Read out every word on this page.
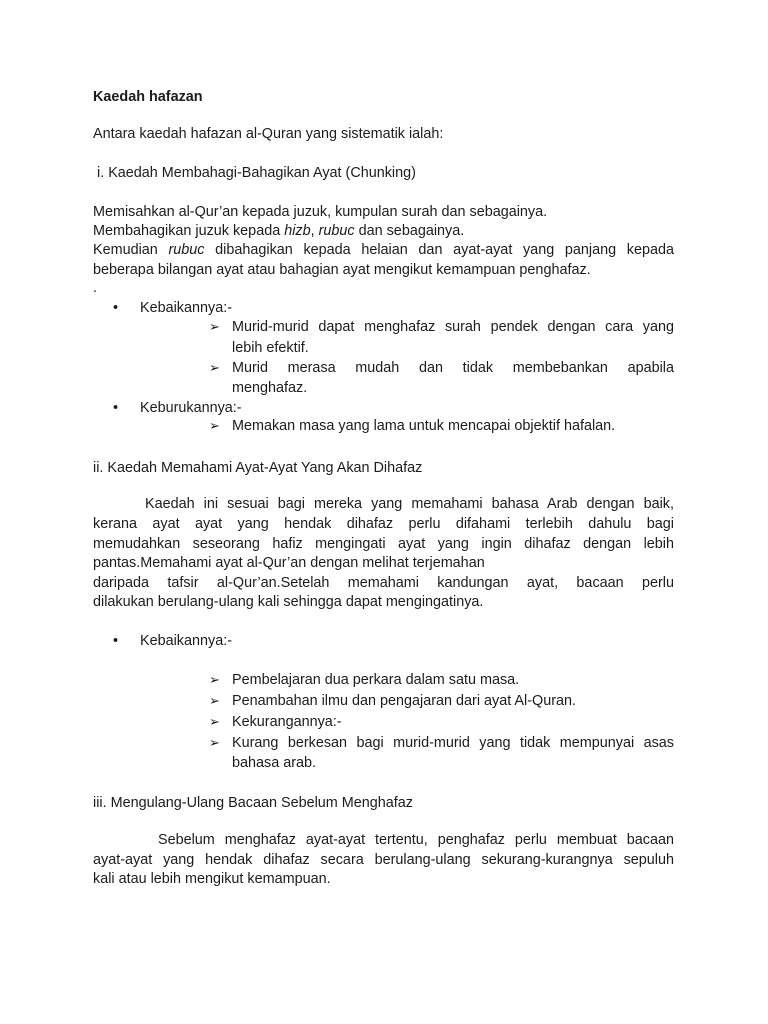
Kaedah hafazan
Antara kaedah hafazan al-Quran yang sistematik ialah:
i. Kaedah Membahagi-Bahagikan Ayat (Chunking)
Memisahkan al-Qur’an kepada juzuk, kumpulan surah dan sebagainya.
Membahagikan juzuk kepada hizb, rubuc dan sebagainya.
Kemudian rubuc dibahagikan kepada helaian dan ayat-ayat yang panjang kepada
beberapa bilangan ayat atau bahagian ayat mengikut kemampuan penghafaz.
.
• Kebaikannya:-
➢ Murid-murid dapat menghafaz surah pendek dengan cara yang
lebih efektif.
➢ Murid merasa mudah dan tidak membebankan apabila
menghafaz.
• Keburukannya:-
➢ Memakan masa yang lama untuk mencapai objektif hafalan.
ii. Kaedah Memahami Ayat-Ayat Yang Akan Dihafaz
Kaedah ini sesuai bagi mereka yang memahami bahasa Arab dengan baik,
kerana ayat ayat yang hendak dihafaz perlu difahami terlebih dahulu bagi
memudahkan seseorang hafiz mengingati ayat yang ingin dihafaz dengan lebih
pantas.Memahami ayat al-Qur’an dengan melihat terjemahan
daripada tafsir al-Qur’an.Setelah memahami kandungan ayat, bacaan perlu
dilakukan berulang-ulang kali sehingga dapat mengingatinya.
• Kebaikannya:-
➢ Pembelajaran dua perkara dalam satu masa.
➢ Penambahan ilmu dan pengajaran dari ayat Al-Quran.
➢ Kekurangannya:-
➢ Kurang berkesan bagi murid-murid yang tidak mempunyai asas
bahasa arab.
iii. Mengulang-Ulang Bacaan Sebelum Menghafaz
Sebelum menghafaz ayat-ayat tertentu, penghafaz perlu membuat bacaan
ayat-ayat yang hendak dihafaz secara berulang-ulang sekurang-kurangnya sepuluh
kali atau lebih mengikut kemampuan.
